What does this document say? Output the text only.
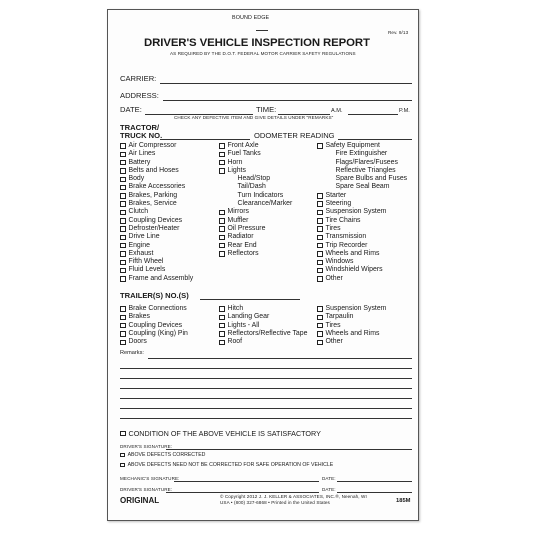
BOUND EDGE
Rev. 9/13
DRIVER'S VEHICLE INSPECTION REPORT
AS REQUIRED BY THE D.O.T. FEDERAL MOTOR CARRIER SAFETY REGULATIONS
CARRIER:
ADDRESS:
DATE:	TIME:	A.M.	P.M.
CHECK ANY DEFECTIVE ITEM AND GIVE DETAILS UNDER "REMARKS"
TRACTOR/
TRUCK NO.	ODOMETER READING
Air Compressor
Air Lines
Battery
Belts and Hoses
Body
Brake Accessories
Brakes, Parking
Brakes, Service
Clutch
Coupling Devices
Defroster/Heater
Drive Line
Engine
Exhaust
Fifth Wheel
Fluid Levels
Frame and Assembly
Front Axle
Fuel Tanks
Horn
Lights
Head/Stop
Tail/Dash
Turn Indicators
Clearance/Marker
Mirrors
Muffler
Oil Pressure
Radiator
Rear End
Reflectors
Safety Equipment
Fire Extinguisher
Flags/Flares/Fusees
Reflective Triangles
Spare Bulbs and Fuses
Spare Seal Beam
Starter
Steering
Suspension System
Tire Chains
Tires
Transmission
Trip Recorder
Wheels and Rims
Windows
Windshield Wipers
Other
TRAILER(S) NO.(S)
Brake Connections
Brakes
Coupling Devices
Coupling (King) Pin
Doors
Hitch
Landing Gear
Lights - All
Reflectors/Reflective Tape
Roof
Suspension System
Tarpaulin
Tires
Wheels and Rims
Other
Remarks:
CONDITION OF THE ABOVE VEHICLE IS SATISFACTORY
DRIVER'S SIGNATURE:
ABOVE DEFECTS CORRECTED
ABOVE DEFECTS NEED NOT BE CORRECTED FOR SAFE OPERATION OF VEHICLE
MECHANIC'S SIGNATURE:	DATE:
DRIVER'S SIGNATURE:	DATE:
ORIGINAL	© Copyright 2012 J. J. KELLER & ASSOCIATES, INC.®, Neenah, WI
USA • (800) 327-6868 • Printed in the United States	185M
